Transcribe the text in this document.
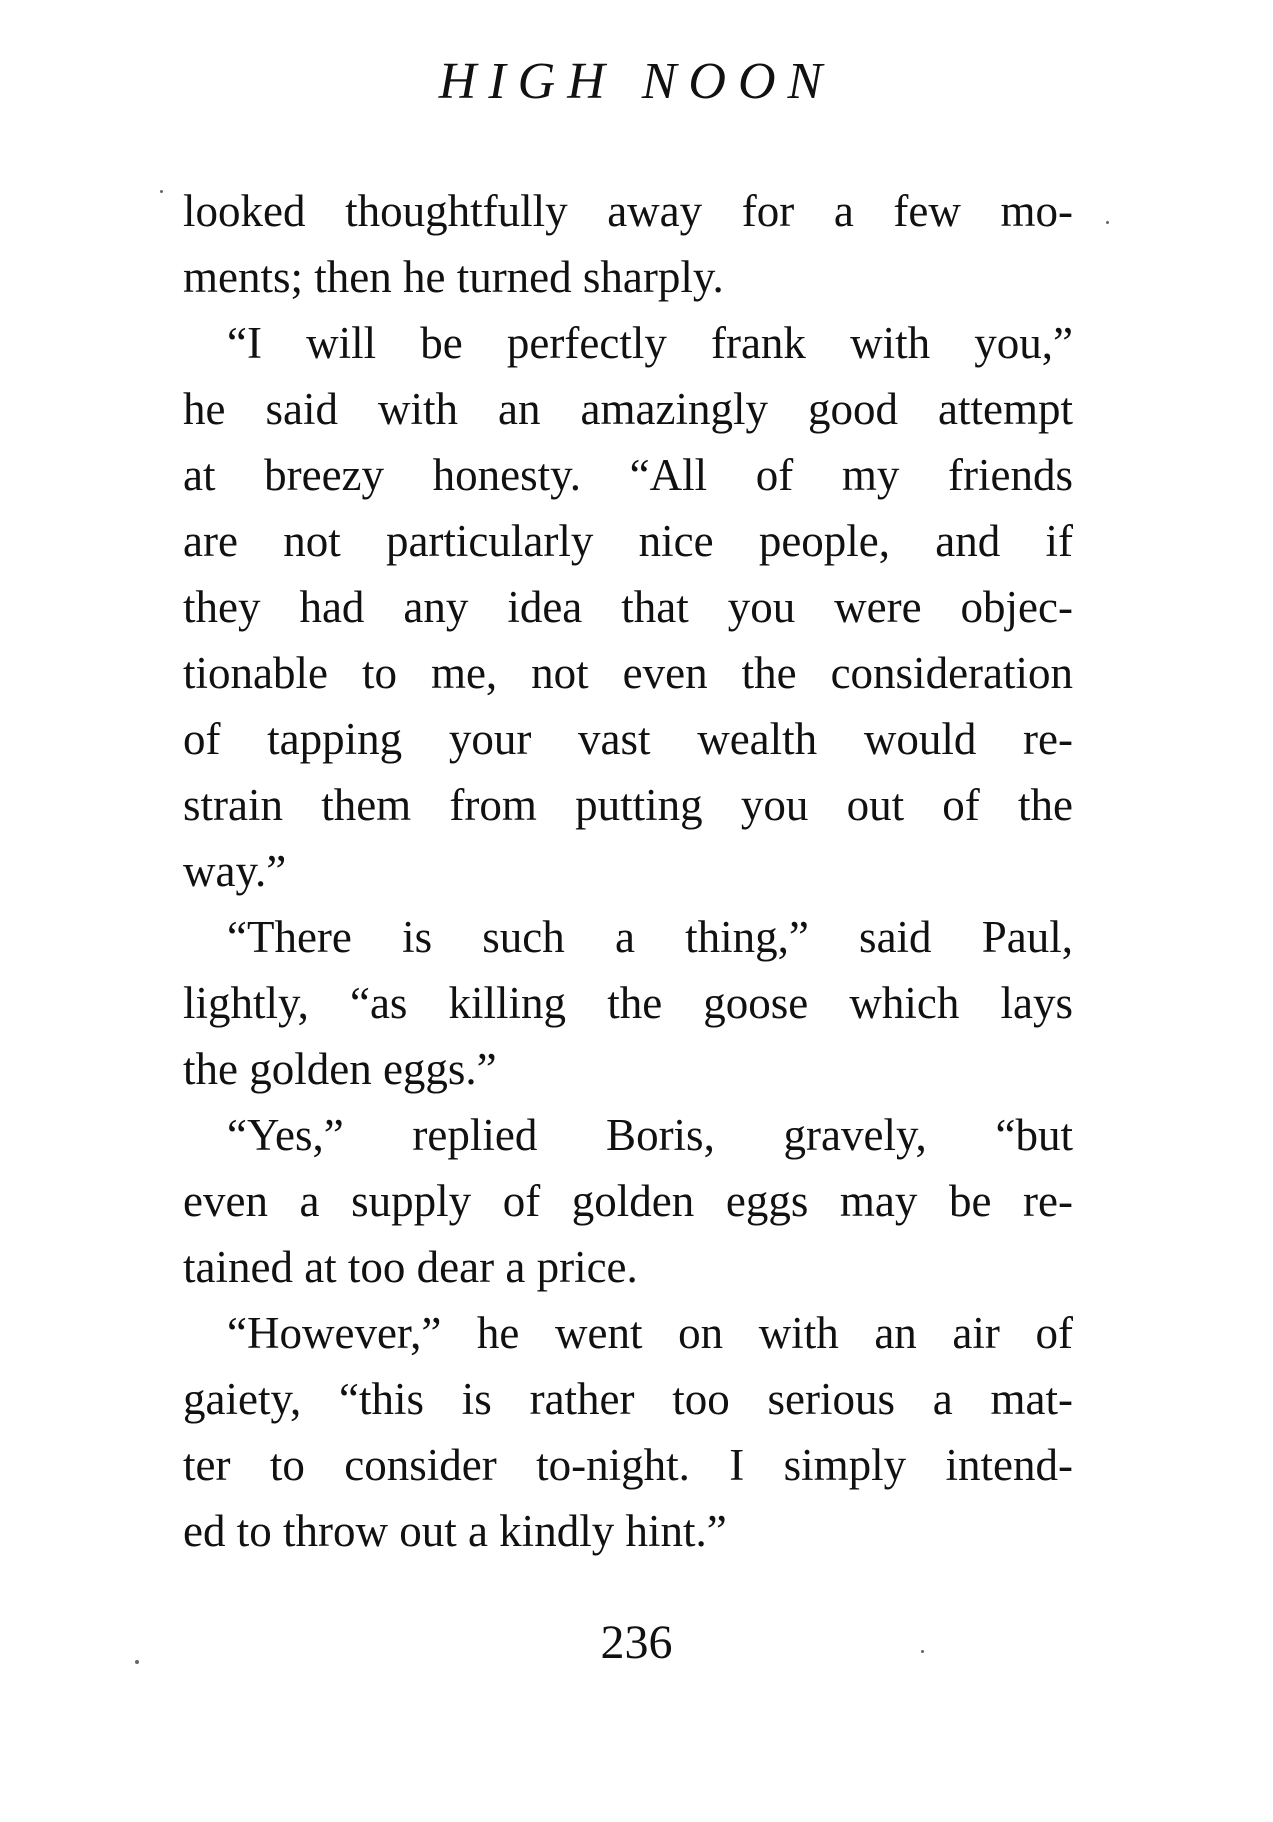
HIGH NOON
looked thoughtfully away for a few mo-
ments; then he turned sharply.
“I will be perfectly frank with you,”
he said with an amazingly good attempt
at breezy honesty. “All of my friends
are not particularly nice people, and if
they had any idea that you were objec-
tionable to me, not even the consideration
of tapping your vast wealth would re-
strain them from putting you out of the
way.”
“There is such a thing,” said Paul,
lightly, “as killing the goose which lays
the golden eggs.”
“Yes,” replied Boris, gravely, “but
even a supply of golden eggs may be re-
tained at too dear a price.
“However,” he went on with an air of
gaiety, “this is rather too serious a mat-
ter to consider to-night. I simply intend-
ed to throw out a kindly hint.”
236
